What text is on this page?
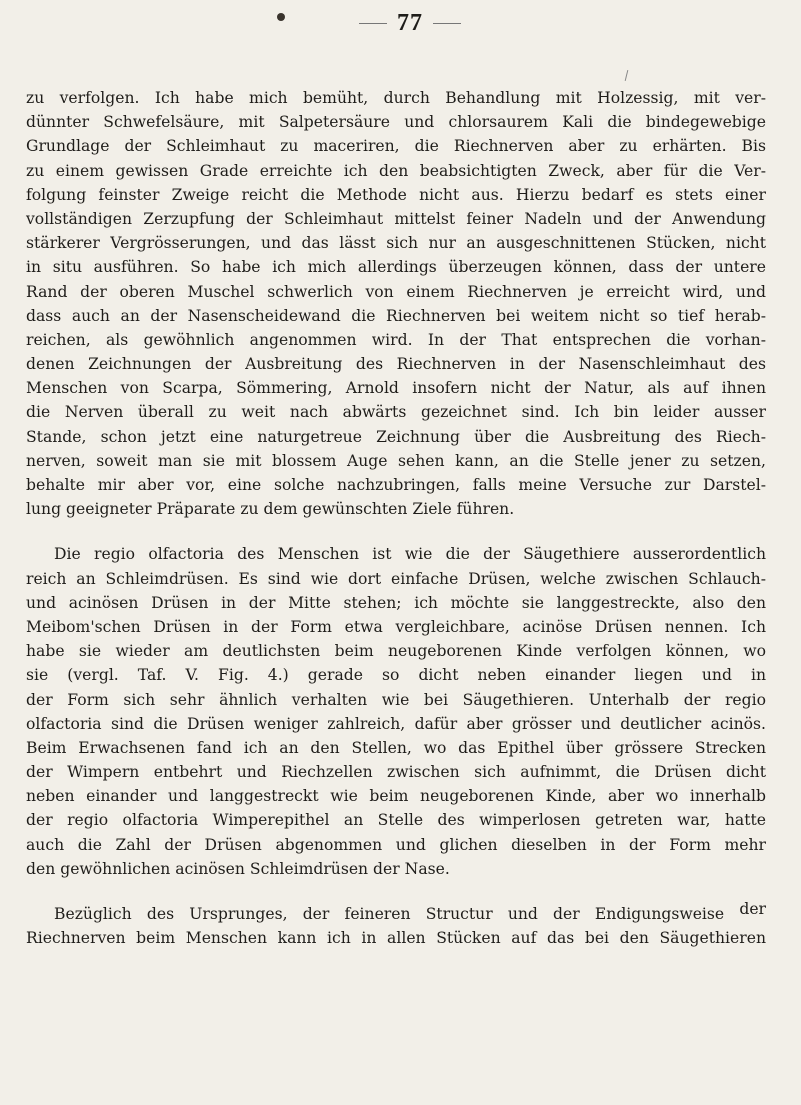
77
zu verfolgen. Ich habe mich bemüht, durch Behandlung mit Holzessig, mit ver-
dünnter Schwefelsäure, mit Salpetersäure und chlorsaurem Kali die bindegewebige
Grundlage der Schleimhaut zu maceriren, die Riechnerven aber zu erhärten. Bis
zu einem gewissen Grade erreichte ich den beabsichtigten Zweck, aber für die Ver-
folgung feinster Zweige reicht die Methode nicht aus. Hierzu bedarf es stets einer
vollständigen Zerzupfung der Schleimhaut mittelst feiner Nadeln und der Anwendung
stärkerer Vergrösserungen, und das lässt sich nur an ausgeschnittenen Stücken, nicht
in situ ausführen. So habe ich mich allerdings überzeugen können, dass der untere
Rand der oberen Muschel schwerlich von einem Riechnerven je erreicht wird, und
dass auch an der Nasenscheidewand die Riechnerven bei weitem nicht so tief herab-
reichen, als gewöhnlich angenommen wird. In der That entsprechen die vorhan-
denen Zeichnungen der Ausbreitung des Riechnerven in der Nasenschleimhaut des
Menschen von Scarpa, Sömmering, Arnold insofern nicht der Natur, als auf ihnen
die Nerven überall zu weit nach abwärts gezeichnet sind. Ich bin leider ausser
Stande, schon jetzt eine naturgetreue Zeichnung über die Ausbreitung des Riech-
nerven, soweit man sie mit blossem Auge sehen kann, an die Stelle jener zu setzen,
behalte mir aber vor, eine solche nachzubringen, falls meine Versuche zur Darstel-
lung geeigneter Präparate zu dem gewünschten Ziele führen.
Die regio olfactoria des Menschen ist wie die der Säugethiere ausserordentlich
reich an Schleimdrüsen. Es sind wie dort einfache Drüsen, welche zwischen Schlauch-
und acinösen Drüsen in der Mitte stehen; ich möchte sie langgestreckte, also den
Meibom'schen Drüsen in der Form etwa vergleichbare, acinöse Drüsen nennen. Ich
habe sie wieder am deutlichsten beim neugeborenen Kinde verfolgen können, wo
sie (vergl. Taf. V. Fig. 4.) gerade so dicht neben einander liegen und in
der Form sich sehr ähnlich verhalten wie bei Säugethieren. Unterhalb der regio
olfactoria sind die Drüsen weniger zahlreich, dafür aber grösser und deutlicher acinös.
Beim Erwachsenen fand ich an den Stellen, wo das Epithel über grössere Strecken
der Wimpern entbehrt und Riechzellen zwischen sich aufnimmt, die Drüsen dicht
neben einander und langgestreckt wie beim neugeborenen Kinde, aber wo innerhalb
der regio olfactoria Wimperepithel an Stelle des wimperlosen getreten war, hatte
auch die Zahl der Drüsen abgenommen und glichen dieselben in der Form mehr
den gewöhnlichen acinösen Schleimdrüsen der Nase.
Bezüglich des Ursprunges, der feineren Structur und der Endigungsweise der
Riechnerven beim Menschen kann ich in allen Stücken auf das bei den Säugethieren
